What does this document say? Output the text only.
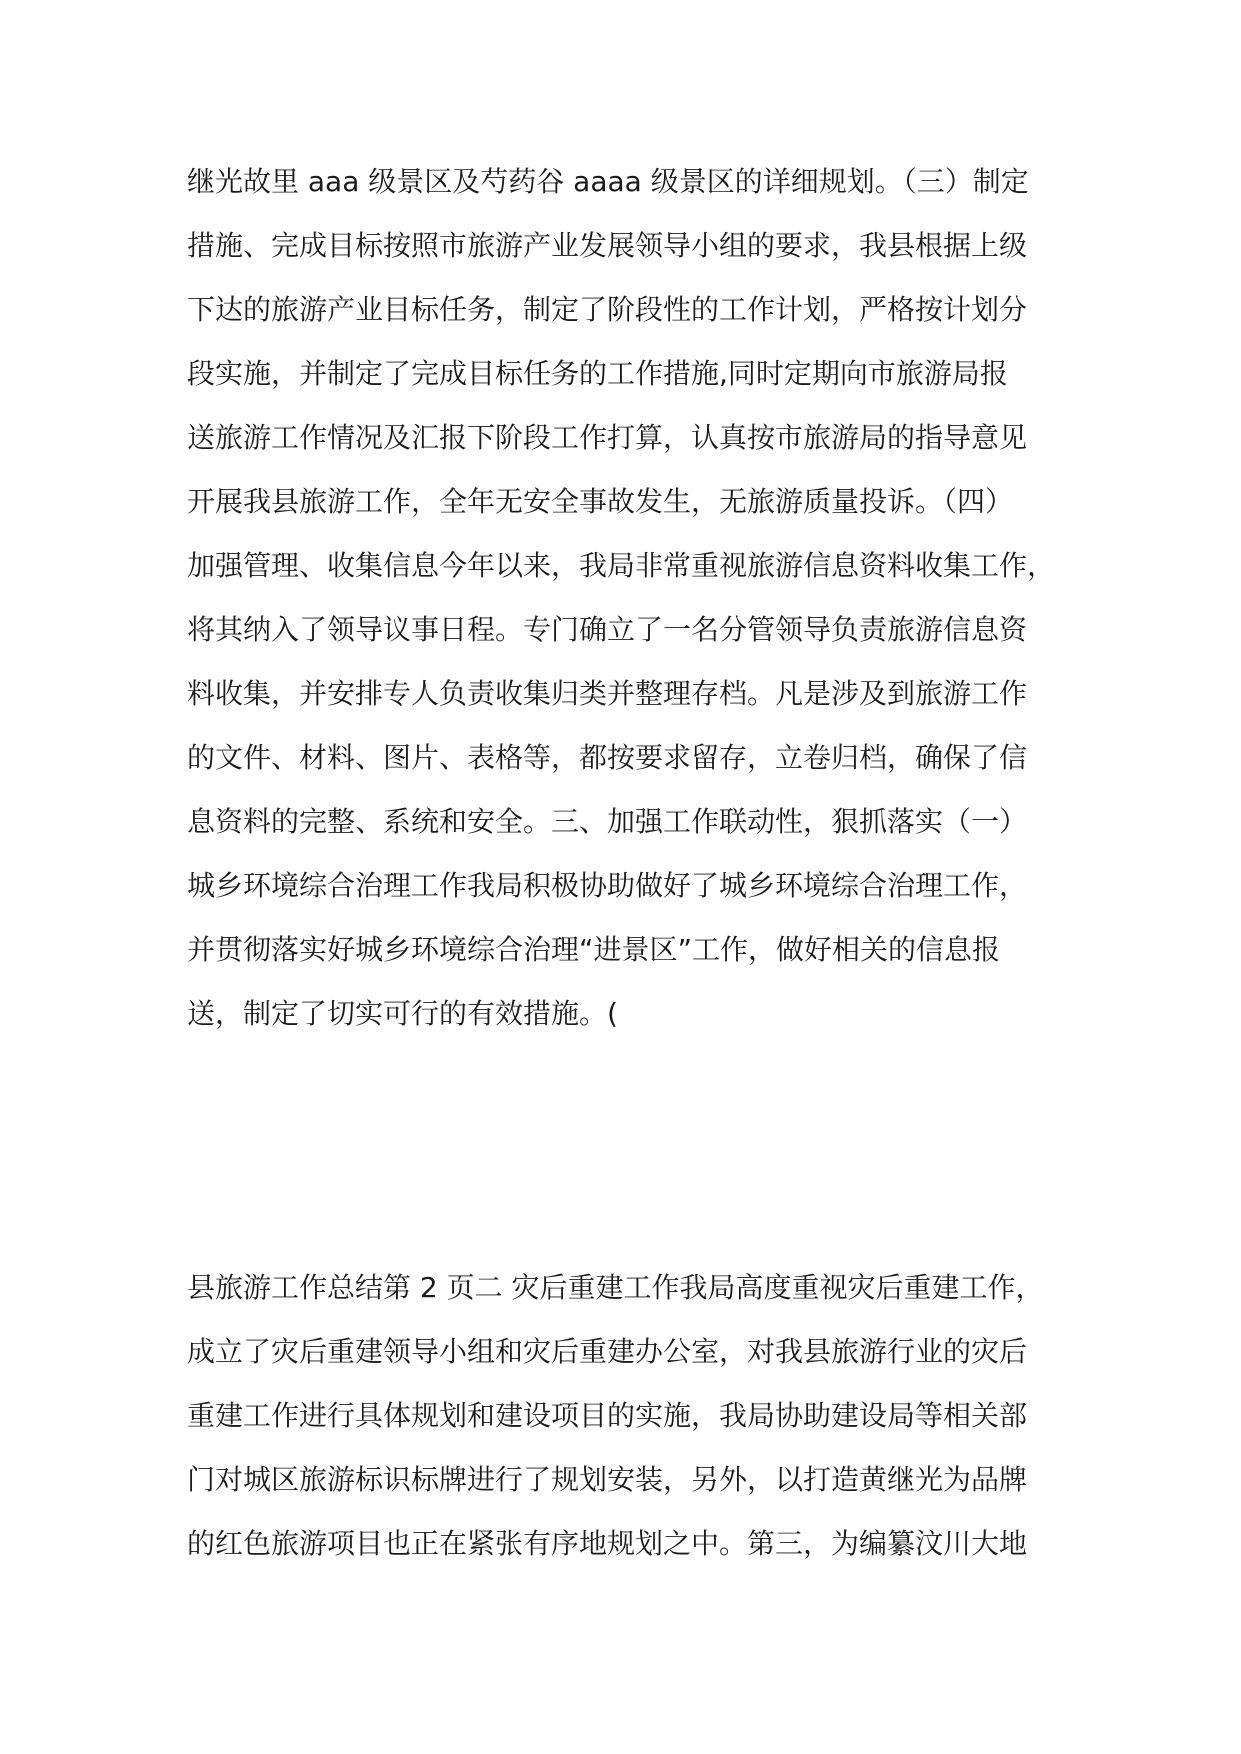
继光故里 aaa 级景区及芍药谷 aaaa 级景区的详细规划。（三）制定
措施、完成目标按照市旅游产业发展领导小组的要求，我县根据上级
下达的旅游产业目标任务，制定了阶段性的工作计划，严格按计划分
段实施，并制定了完成目标任务的工作措施,同时定期向市旅游局报
送旅游工作情况及汇报下阶段工作打算，认真按市旅游局的指导意见
开展我县旅游工作，全年无安全事故发生，无旅游质量投诉。（四）
加强管理、收集信息今年以来，我局非常重视旅游信息资料收集工作，
将其纳入了领导议事日程。专门确立了一名分管领导负责旅游信息资
料收集，并安排专人负责收集归类并整理存档。凡是涉及到旅游工作
的文件、材料、图片、表格等，都按要求留存，立卷归档，确保了信
息资料的完整、系统和安全。三、加强工作联动性，狠抓落实（一）
城乡环境综合治理工作我局积极协助做好了城乡环境综合治理工作，
并贯彻落实好城乡环境综合治理“进景区”工作，做好相关的信息报
送，制定了切实可行的有效措施。(
县旅游工作总结第 2 页二 灾后重建工作我局高度重视灾后重建工作，
成立了灾后重建领导小组和灾后重建办公室，对我县旅游行业的灾后
重建工作进行具体规划和建设项目的实施，我局协助建设局等相关部
门对城区旅游标识标牌进行了规划安装，另外，以打造黄继光为品牌
的红色旅游项目也正在紧张有序地规划之中。第三，为编纂汶川大地
